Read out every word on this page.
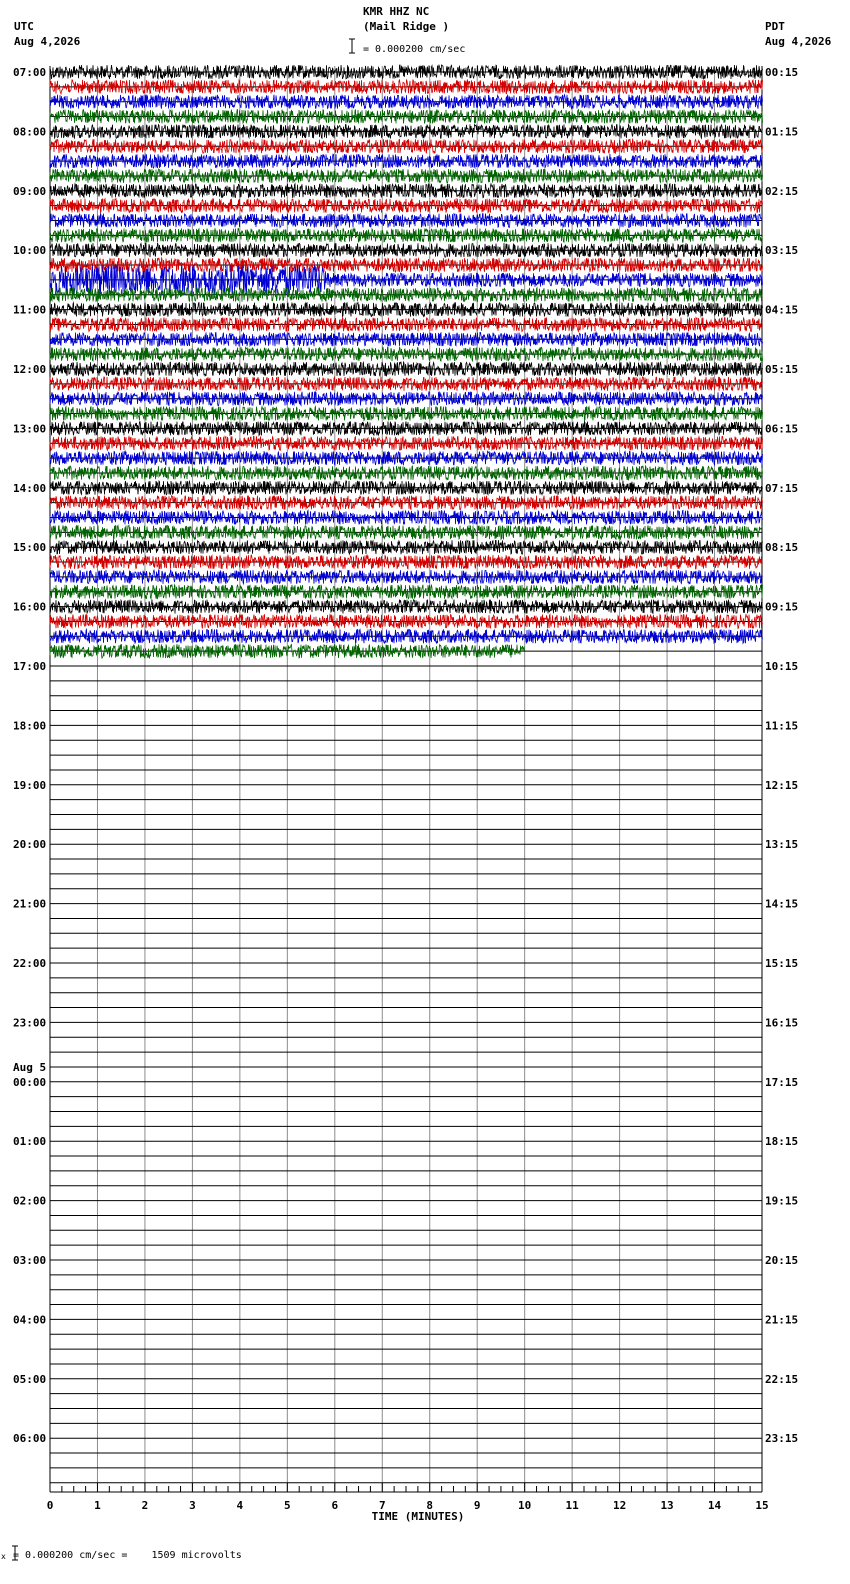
KMR HHZ NC
(Mail Ridge )
UTC
Aug 4,2026
PDT
Aug 4,2026
= 0.000200 cm/sec
= 0.000200 cm/sec =    1509 microvolts
x
07:00
08:00
09:00
10:00
11:00
12:00
13:00
14:00
15:00
16:00
17:00
18:00
19:00
20:00
21:00
22:00
23:00
00:00
Aug 5
01:00
02:00
03:00
04:00
05:00
06:00
00:15
01:15
02:15
03:15
04:15
05:15
06:15
07:15
08:15
09:15
10:15
11:15
12:15
13:15
14:15
15:15
16:15
17:15
18:15
19:15
20:15
21:15
22:15
23:15
0	1	2	3	4	5	6	7	8	9	10	11	12	13	14	15
TIME (MINUTES)
